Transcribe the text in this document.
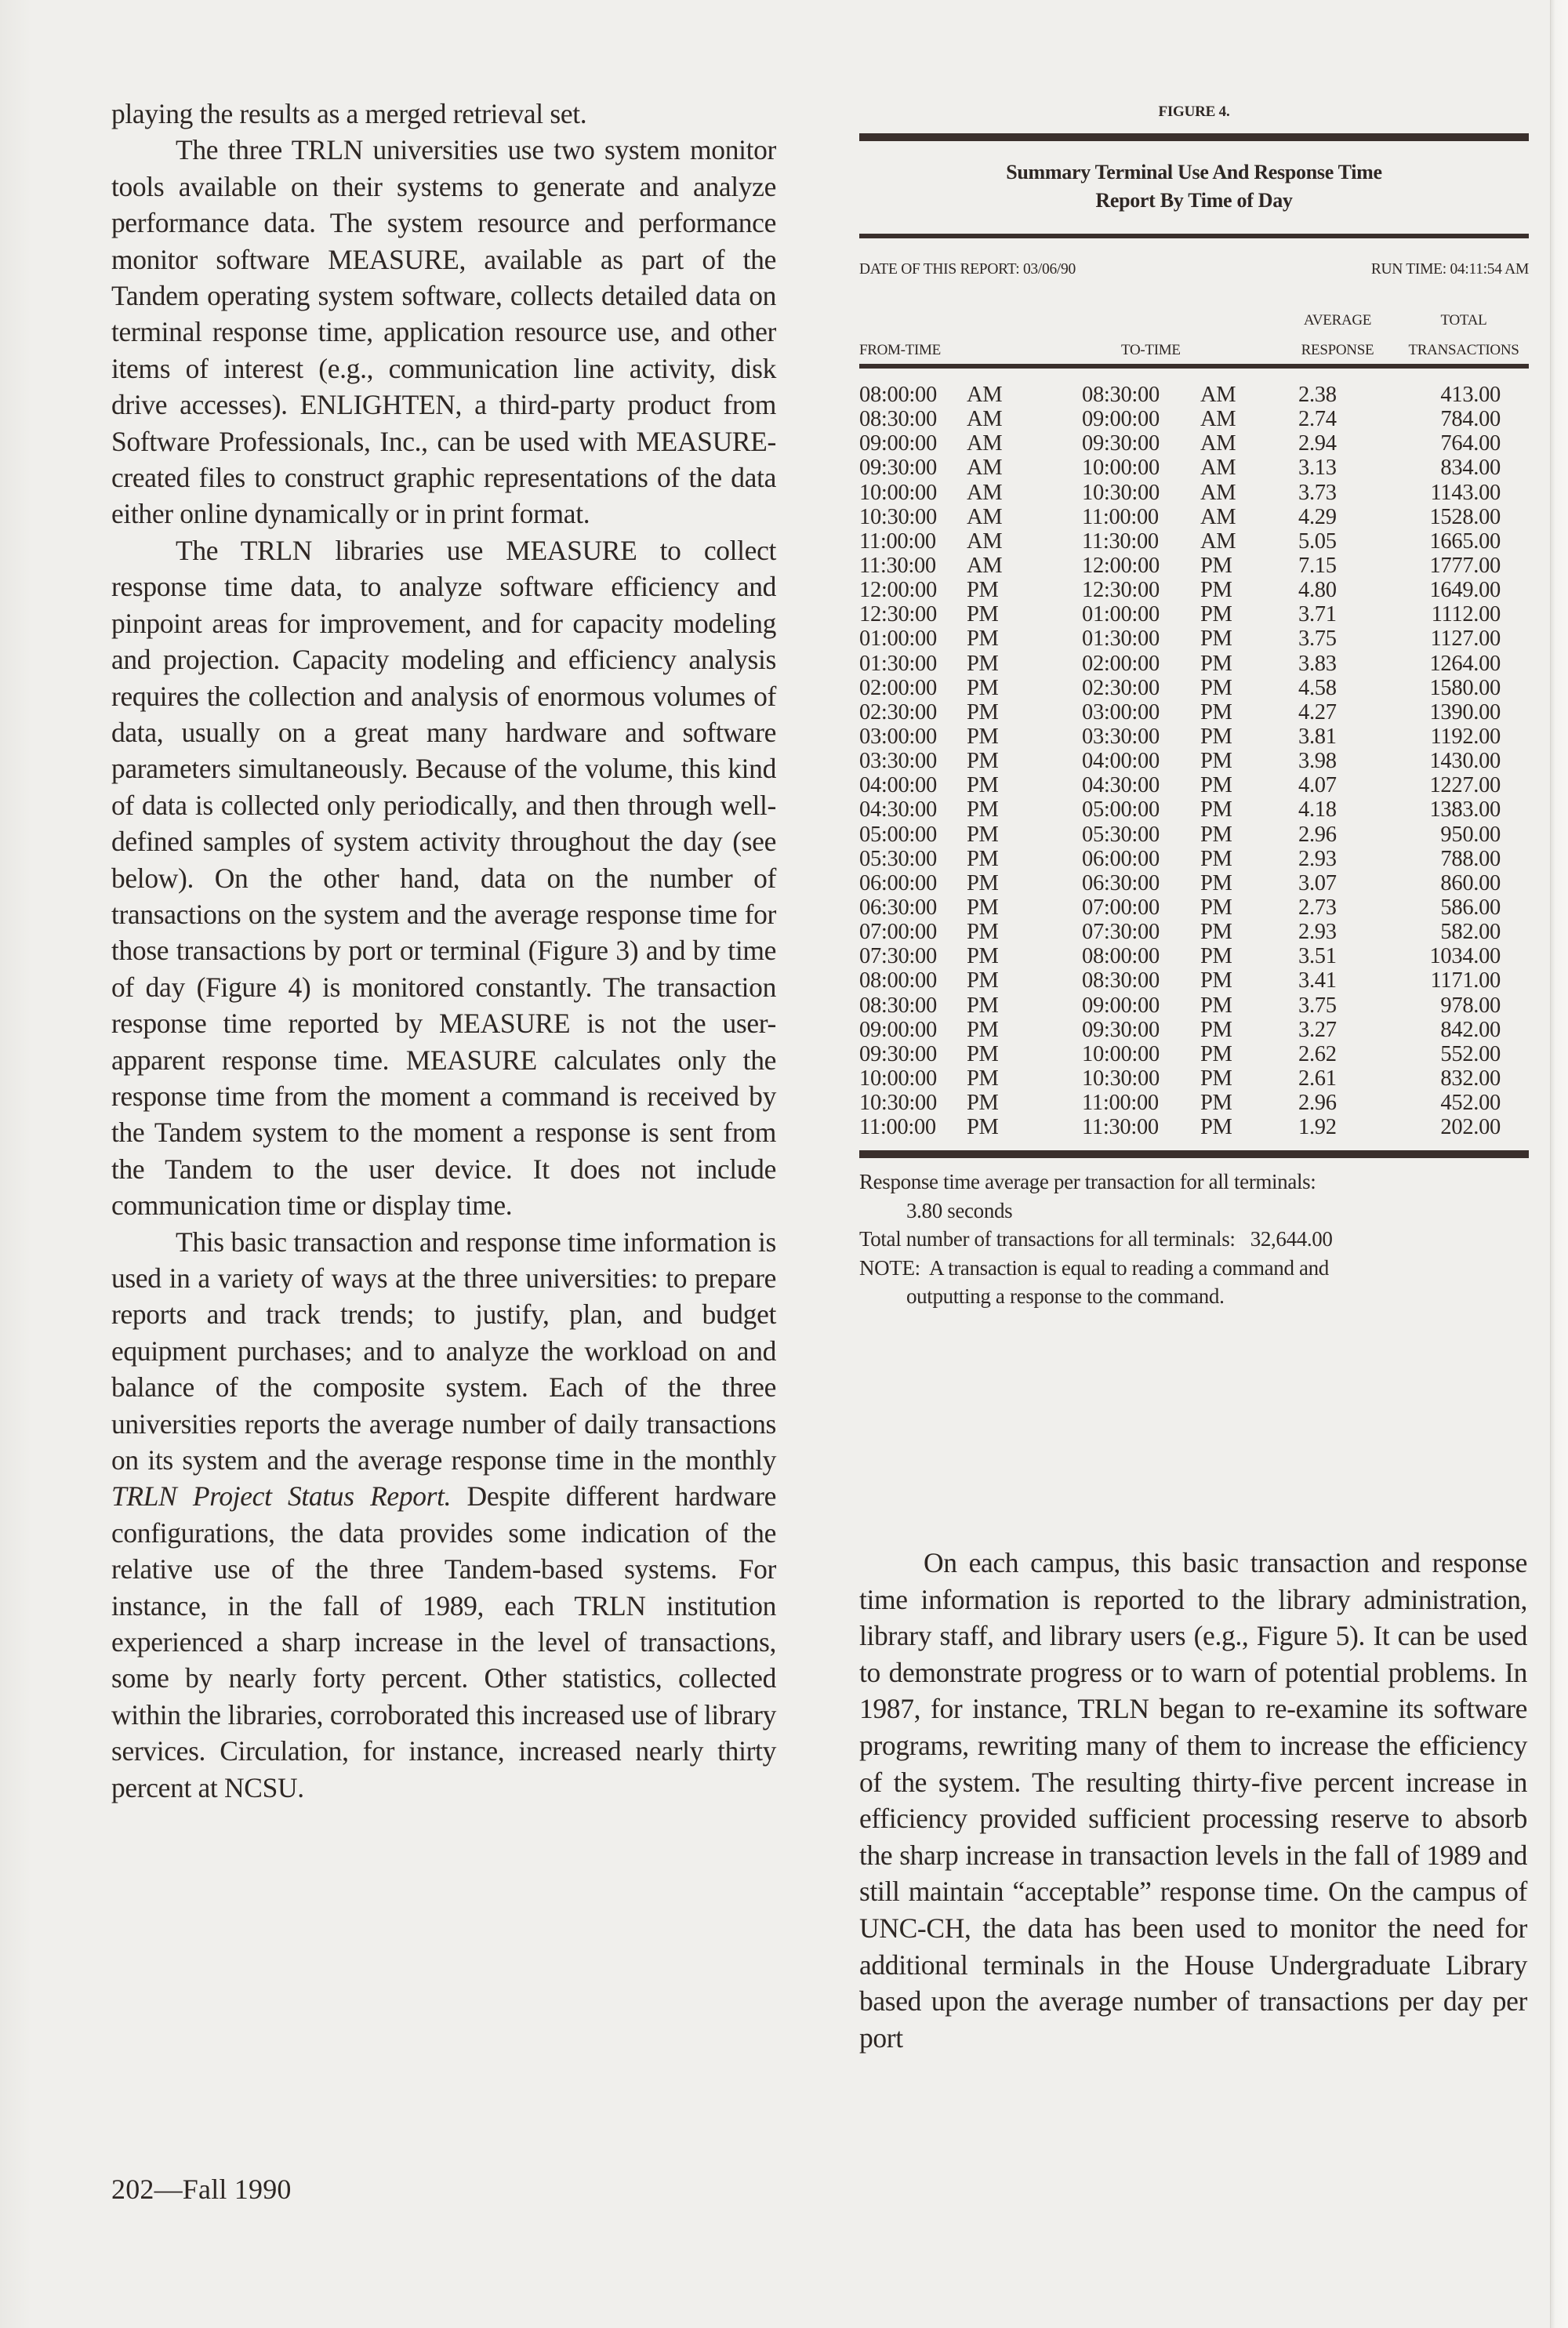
playing the results as a merged retrieval set.

The three TRLN universities use two system monitor tools available on their systems to generate and analyze performance data. The system resource and performance monitor software MEASURE, available as part of the Tandem operating system software, collects detailed data on terminal response time, application resource use, and other items of interest (e.g., communication line activity, disk drive accesses). ENLIGHTEN, a third-party product from Software Professionals, Inc., can be used with MEASURE-created files to construct graphic representations of the data either online dynamically or in print format.

The TRLN libraries use MEASURE to collect response time data, to analyze software efficiency and pinpoint areas for improvement, and for capacity modeling and projection. Capacity modeling and efficiency analysis requires the collection and analysis of enormous volumes of data, usually on a great many hardware and software parameters simultaneously. Because of the volume, this kind of data is collected only periodically, and then through well-defined samples of system activity throughout the day (see below). On the other hand, data on the number of transactions on the system and the average response time for those transactions by port or terminal (Figure 3) and by time of day (Figure 4) is monitored constantly. The transaction response time reported by MEASURE is not the user-apparent response time. MEASURE calculates only the response time from the moment a command is received by the Tandem system to the moment a response is sent from the Tandem to the user device. It does not include communication time or display time.

This basic transaction and response time information is used in a variety of ways at the three universities: to prepare reports and track trends; to justify, plan, and budget equipment purchases; and to analyze the workload on and balance of the composite system. Each of the three universities reports the average number of daily transactions on its system and the average response time in the monthly TRLN Project Status Report. Despite different hardware configurations, the data provides some indication of the relative use of the three Tandem-based systems. For instance, in the fall of 1989, each TRLN institution experienced a sharp increase in the level of transactions, some by nearly forty percent. Other statistics, collected within the libraries, corroborated this increased use of library services. Circulation, for instance, increased nearly thirty percent at NCSU.

FIGURE 4.
Summary Terminal Use And Response Time
Report By Time of Day
DATE OF THIS REPORT: 03/06/90	RUN TIME: 04:11:54 AM
FROM-TIME	TO-TIME
AVERAGE
RESPONSE
TOTAL
TRANSACTIONS
08:00:00 AM	08:30:00 AM	2.38	413.00
08:30:00 AM	09:00:00 AM	2.74	784.00
09:00:00 AM	09:30:00 AM	2.94	764.00
09:30:00 AM	10:00:00 AM	3.13	834.00
10:00:00 AM	10:30:00 AM	3.73	1143.00
10:30:00 AM	11:00:00 AM	4.29	1528.00
11:00:00 AM	11:30:00 AM	5.05	1665.00
11:30:00 AM	12:00:00 PM	7.15	1777.00
12:00:00 PM	12:30:00 PM	4.80	1649.00
12:30:00 PM	01:00:00 PM	3.71	1112.00
01:00:00 PM	01:30:00 PM	3.75	1127.00
01:30:00 PM	02:00:00 PM	3.83	1264.00
02:00:00 PM	02:30:00 PM	4.58	1580.00
02:30:00 PM	03:00:00 PM	4.27	1390.00
03:00:00 PM	03:30:00 PM	3.81	1192.00
03:30:00 PM	04:00:00 PM	3.98	1430.00
04:00:00 PM	04:30:00 PM	4.07	1227.00
04:30:00 PM	05:00:00 PM	4.18	1383.00
05:00:00 PM	05:30:00 PM	2.96	950.00
05:30:00 PM	06:00:00 PM	2.93	788.00
06:00:00 PM	06:30:00 PM	3.07	860.00
06:30:00 PM	07:00:00 PM	2.73	586.00
07:00:00 PM	07:30:00 PM	2.93	582.00
07:30:00 PM	08:00:00 PM	3.51	1034.00
08:00:00 PM	08:30:00 PM	3.41	1171.00
08:30:00 PM	09:00:00 PM	3.75	978.00
09:00:00 PM	09:30:00 PM	3.27	842.00
09:30:00 PM	10:00:00 PM	2.62	552.00
10:00:00 PM	10:30:00 PM	2.61	832.00
10:30:00 PM	11:00:00 PM	2.96	452.00
11:00:00 PM	11:30:00 PM	1.92	202.00
Response time average per transaction for all terminals:
3.80 seconds
Total number of transactions for all terminals: 32,644.00
NOTE:  A transaction is equal to reading a command and
outputting a response to the command.

On each campus, this basic transaction and response time information is reported to the library administration, library staff, and library users (e.g., Figure 5). It can be used to demonstrate progress or to warn of potential problems. In 1987, for instance, TRLN began to re-examine its software programs, rewriting many of them to increase the efficiency of the system. The resulting thirty-five percent increase in efficiency provided sufficient processing reserve to absorb the sharp increase in transaction levels in the fall of 1989 and still maintain “acceptable” response time. On the campus of UNC-CH, the data has been used to monitor the need for additional terminals in the House Undergraduate Library based upon the average number of transactions per day per port

202—Fall 1990
